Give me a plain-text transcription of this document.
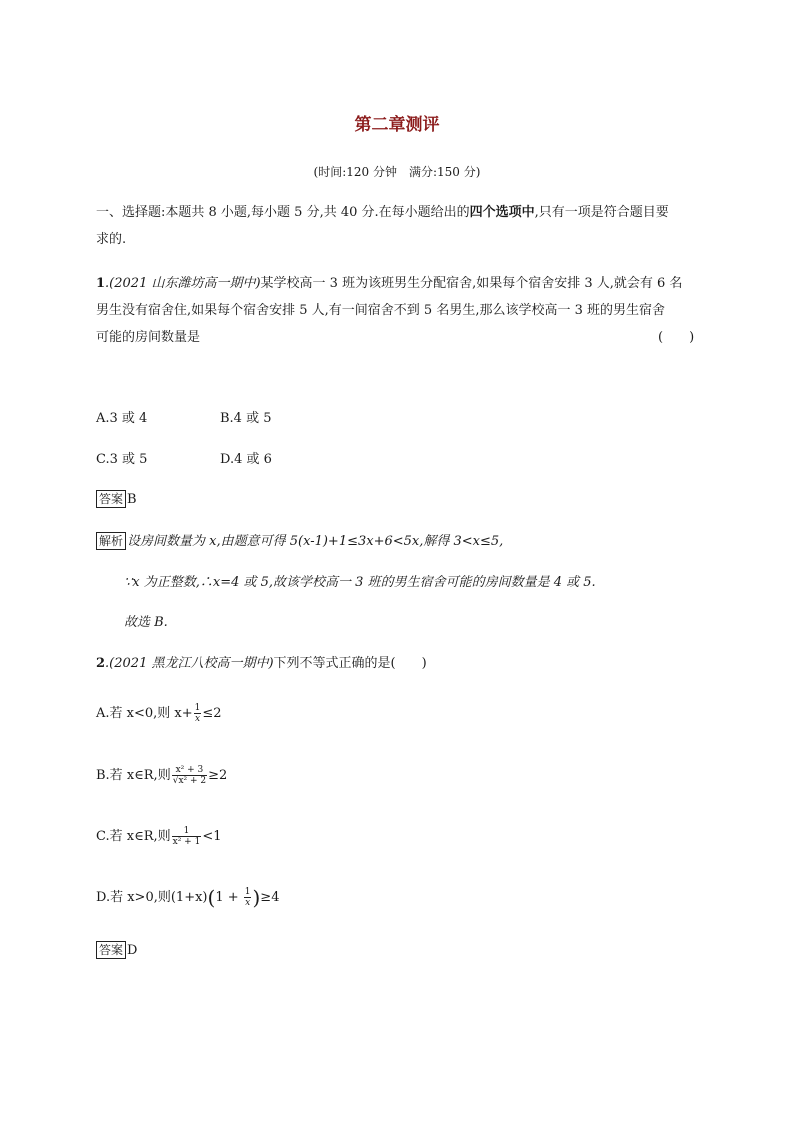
第二章测评
(时间:120 分钟　满分:150 分)
一、选择题:本题共 8 小题,每小题 5 分,共 40 分.在每小题给出的四个选项中,只有一项是符合题目要
求的.
1.(2021 山东潍坊高一期中)某学校高一 3 班为该班男生分配宿舍,如果每个宿舍安排 3 人,就会有 6 名
男生没有宿舍住,如果每个宿舍安排 5 人,有一间宿舍不到 5 名男生,那么该学校高一 3 班的男生宿舍
可能的房间数量是	(　　)
A.3 或 4	B.4 或 5
C.3 或 5	D.4 或 6
答案 B
解析 设房间数量为 x,由题意可得 5(x-1)+1≤3x+6<5x,解得 3<x≤5,
∵x 为正整数,∴x=4 或 5,故该学校高一 3 班的男生宿舍可能的房间数量是 4 或 5.
故选 B.
2.(2021 黑龙江八校高一期中)下列不等式正确的是(　　)
A.若 x<0,则 $x+ \frac{1}{x} \le 2$
B.若 x∈R,则 $\frac{\text{x² + 3}}{\text{√x² + 2}} \ge 2$
C.若 x∈R,则 $\frac{1}{\text{x² + 1}} <1$
D.若 x>0,则$(1+x)(1 + \frac{1}{x} )\ge 4$
答案 D
